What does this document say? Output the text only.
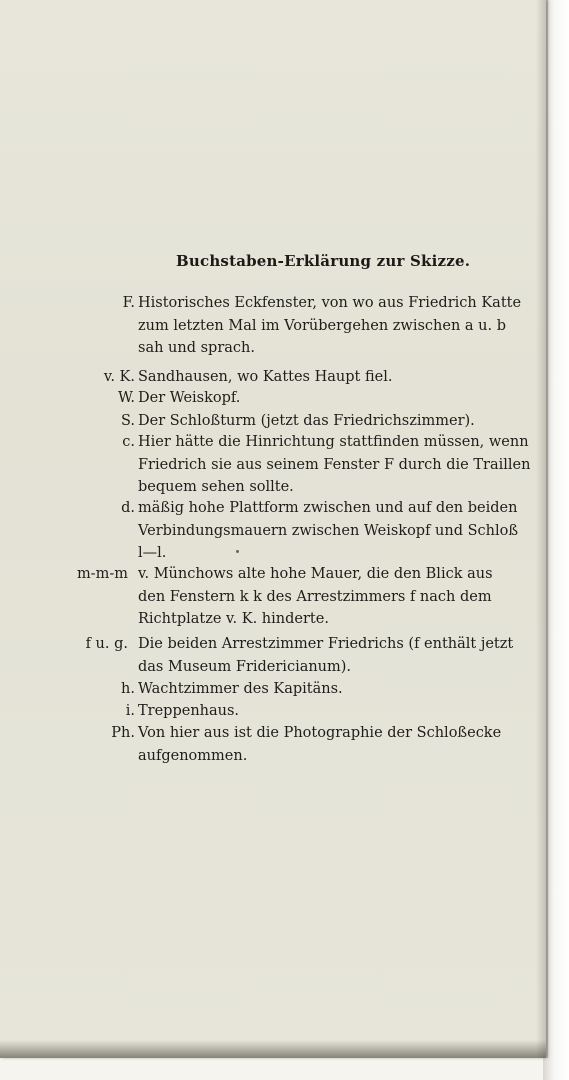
Buchstaben-Erklärung zur Skizze.
F. Historisches Eckfenster, von wo aus Friedrich Katte
zum letzten Mal im Vorübergehen zwischen a u. b
sah und sprach.
v. K. Sandhausen, wo Kattes Haupt fiel.
W. Der Weiskopf.
S. Der Schloßturm (jetzt das Friedrichszimmer).
c. Hier hätte die Hinrichtung stattfinden müssen, wenn
Friedrich sie aus seinem Fenster F durch die Traillen
bequem sehen sollte.
d. mäßig hohe Plattform zwischen und auf den beiden
Verbindungsmauern zwischen Weiskopf und Schloß
l—l.
m-m-m v. Münchows alte hohe Mauer, die den Blick aus
den Fenstern k k des Arrestzimmers f nach dem
Richtplatze v. K. hinderte.
f u. g. Die beiden Arrestzimmer Friedrichs (f enthält jetzt
das Museum Fridericianum).
h. Wachtzimmer des Kapitäns.
i. Treppenhaus.
Ph. Von hier aus ist die Photographie der Schloßecke
aufgenommen.
